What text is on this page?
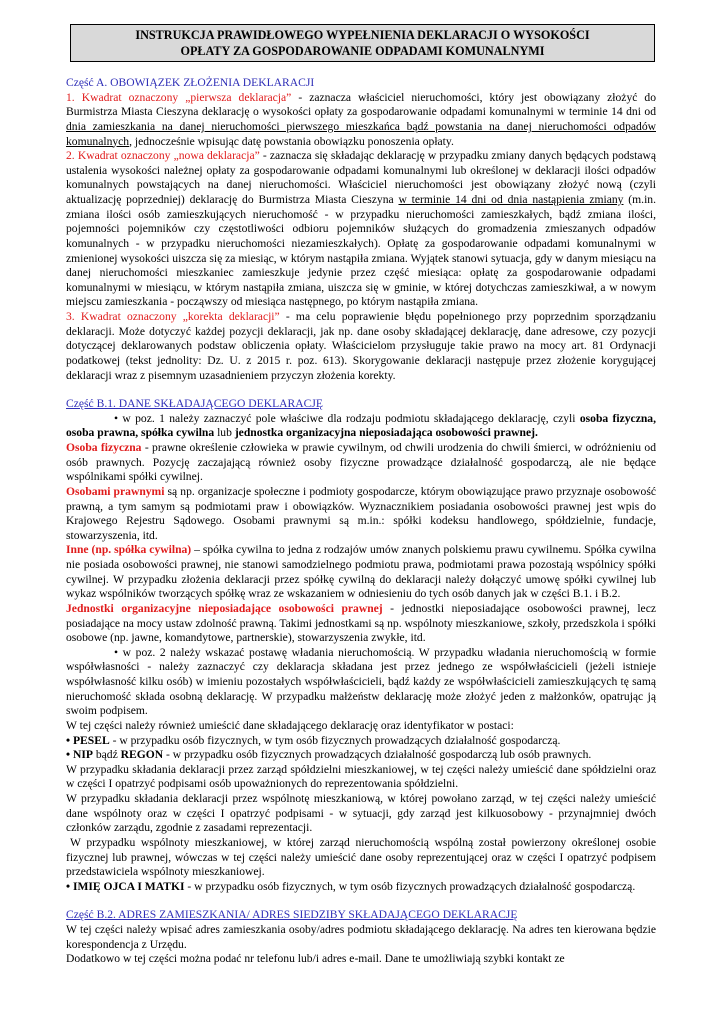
INSTRUKCJA PRAWIDŁOWEGO WYPEŁNIENIA DEKLARACJI O WYSOKOŚCI
OPŁATY ZA GOSPODAROWANIE ODPADAMI KOMUNALNYMI

Część A. OBOWIĄZEK ZŁOŻENIA DEKLARACJI

1. Kwadrat oznaczony „pierwsza deklaracja” - zaznacza właściciel nieruchomości, który jest obowiązany złożyć do Burmistrza Miasta Cieszyna deklarację o wysokości opłaty za gospodarowanie odpadami komunalnymi w terminie 14 dni od dnia zamieszkania na danej nieruchomości pierwszego mieszkańca bądź powstania na danej nieruchomości odpadów komunalnych, jednocześnie wpisując datę powstania obowiązku ponoszenia opłaty.

2. Kwadrat oznaczony „nowa deklaracja” - zaznacza się składając deklarację w przypadku zmiany danych będących podstawą ustalenia wysokości należnej opłaty za gospodarowanie odpadami komunalnymi lub określonej w deklaracji ilości odpadów komunalnych powstających na danej nieruchomości. Właściciel nieruchomości jest obowiązany złożyć nową (czyli aktualizację poprzedniej) deklarację do Burmistrza Miasta Cieszyna w terminie 14 dni od dnia nastąpienia zmiany (m.in. zmiana ilości osób zamieszkujących nieruchomość - w przypadku nieruchomości zamieszkałych, bądź zmiana ilości, pojemności pojemników czy częstotliwości odbioru pojemników służących do gromadzenia zmieszanych odpadów komunalnych - w przypadku nieruchomości niezamieszkałych). Opłatę za gospodarowanie odpadami komunalnymi w zmienionej wysokości uiszcza się za miesiąc, w którym nastąpiła zmiana. Wyjątek stanowi sytuacja, gdy w danym miesiącu na danej nieruchomości mieszkaniec zamieszkuje jedynie przez część miesiąca: opłatę za gospodarowanie odpadami komunalnymi w miesiącu, w którym nastąpiła zmiana, uiszcza się w gminie, w której dotychczas zamieszkiwał, a w nowym miejscu zamieszkania - począwszy od miesiąca następnego, po którym nastąpiła zmiana.

3. Kwadrat oznaczony „korekta deklaracji” - ma celu poprawienie błędu popełnionego przy poprzednim sporządzaniu deklaracji. Może dotyczyć każdej pozycji deklaracji, jak np. dane osoby składającej deklarację, dane adresowe, czy pozycji dotyczącej deklarowanych podstaw obliczenia opłaty. Właścicielom przysługuje takie prawo na mocy art. 81 Ordynacji podatkowej (tekst jednolity: Dz. U. z 2015 r. poz. 613). Skorygowanie deklaracji następuje przez złożenie korygującej deklaracji wraz z pisemnym uzasadnieniem przyczyn złożenia korekty.

Część B.1. DANE SKŁADAJĄCEGO DEKLARACJĘ

• w poz. 1 należy zaznaczyć pole właściwe dla rodzaju podmiotu składającego deklarację, czyli osoba fizyczna, osoba prawna, spółka cywilna lub jednostka organizacyjna nieposiadająca osobowości prawnej.

Osoba fizyczna - prawne określenie człowieka w prawie cywilnym, od chwili urodzenia do chwili śmierci, w odróżnieniu od osób prawnych. Pozycję zaczajającą również osoby fizyczne prowadzące działalność gospodarczą, ale nie będące wspólnikami spółki cywilnej.

Osobami prawnymi są np. organizacje społeczne i podmioty gospodarcze, którym obowiązujące prawo przyznaje osobowość prawną, a tym samym są podmiotami praw i obowiązków. Wyznacznikiem posiadania osobowości prawnej jest wpis do Krajowego Rejestru Sądowego. Osobami prawnymi są m.in.: spółki kodeksu handlowego, spółdzielnie, fundacje, stowarzyszenia, itd.

Inne (np. spółka cywilna) – spółka cywilna to jedna z rodzajów umów znanych polskiemu prawu cywilnemu. Spółka cywilna nie posiada osobowości prawnej, nie stanowi samodzielnego podmiotu prawa, podmiotami prawa pozostają wspólnicy spółki cywilnej. W przypadku złożenia deklaracji przez spółkę cywilną do deklaracji należy dołączyć umowę spółki cywilnej lub wykaz wspólników tworzących spółkę wraz ze wskazaniem w odniesieniu do tych osób danych jak w części B.1. i B.2.

Jednostki organizacyjne nieposiadające osobowości prawnej - jednostki nieposiadające osobowości prawnej, lecz posiadające na mocy ustaw zdolność prawną. Takimi jednostkami są np. wspólnoty mieszkaniowe, szkoły, przedszkola i spółki osobowe (np. jawne, komandytowe, partnerskie), stowarzyszenia zwykłe, itd.

• w poz. 2 należy wskazać postawę władania nieruchomością. W przypadku władania nieruchomością w formie współwłasności - należy zaznaczyć czy deklaracja składana jest przez jednego ze współwłaścicieli (jeżeli istnieje współwłasność kilku osób) w imieniu pozostałych współwłaścicieli, bądź każdy ze współwłaścicieli zamieszkujących tę samą nieruchomość składa osobną deklarację. W przypadku małżeństw deklarację może złożyć jeden z małżonków, opatrując ją swoim podpisem.

W tej części należy również umieścić dane składającego deklarację oraz identyfikator w postaci:

• PESEL - w przypadku osób fizycznych, w tym osób fizycznych prowadzących działalność gospodarczą.

• NIP bądź REGON - w przypadku osób fizycznych prowadzących działalność gospodarczą lub osób prawnych.

W przypadku składania deklaracji przez zarząd spółdzielni mieszkaniowej, w tej części należy umieścić dane spółdzielni oraz w części I opatrzyć podpisami osób upoważnionych do reprezentowania spółdzielni.

W przypadku składania deklaracji przez wspólnotę mieszkaniową, w której powołano zarząd, w tej części należy umieścić dane wspólnoty oraz w części I opatrzyć podpisami - w sytuacji, gdy zarząd jest kilkuosobowy - przynajmniej dwóch członków zarządu, zgodnie z zasadami reprezentacji.

W przypadku wspólnoty mieszkaniowej, w której zarząd nieruchomością wspólną został powierzony określonej osobie fizycznej lub prawnej, wówczas w tej części należy umieścić dane osoby reprezentującej oraz w części I opatrzyć podpisem przedstawiciela wspólnoty mieszkaniowej.

• IMIĘ OJCA I MATKI - w przypadku osób fizycznych, w tym osób fizycznych prowadzących działalność gospodarczą.

Część B.2. ADRES ZAMIESZKANIA/ ADRES SIEDZIBY SKŁADAJĄCEGO DEKLARACJĘ

W tej części należy wpisać adres zamieszkania osoby/adres podmiotu składającego deklarację. Na adres ten kierowana będzie korespondencja z Urzędu.

Dodatkowo w tej części można podać nr telefonu lub/i adres e-mail. Dane te umożliwiają szybki kontakt ze
